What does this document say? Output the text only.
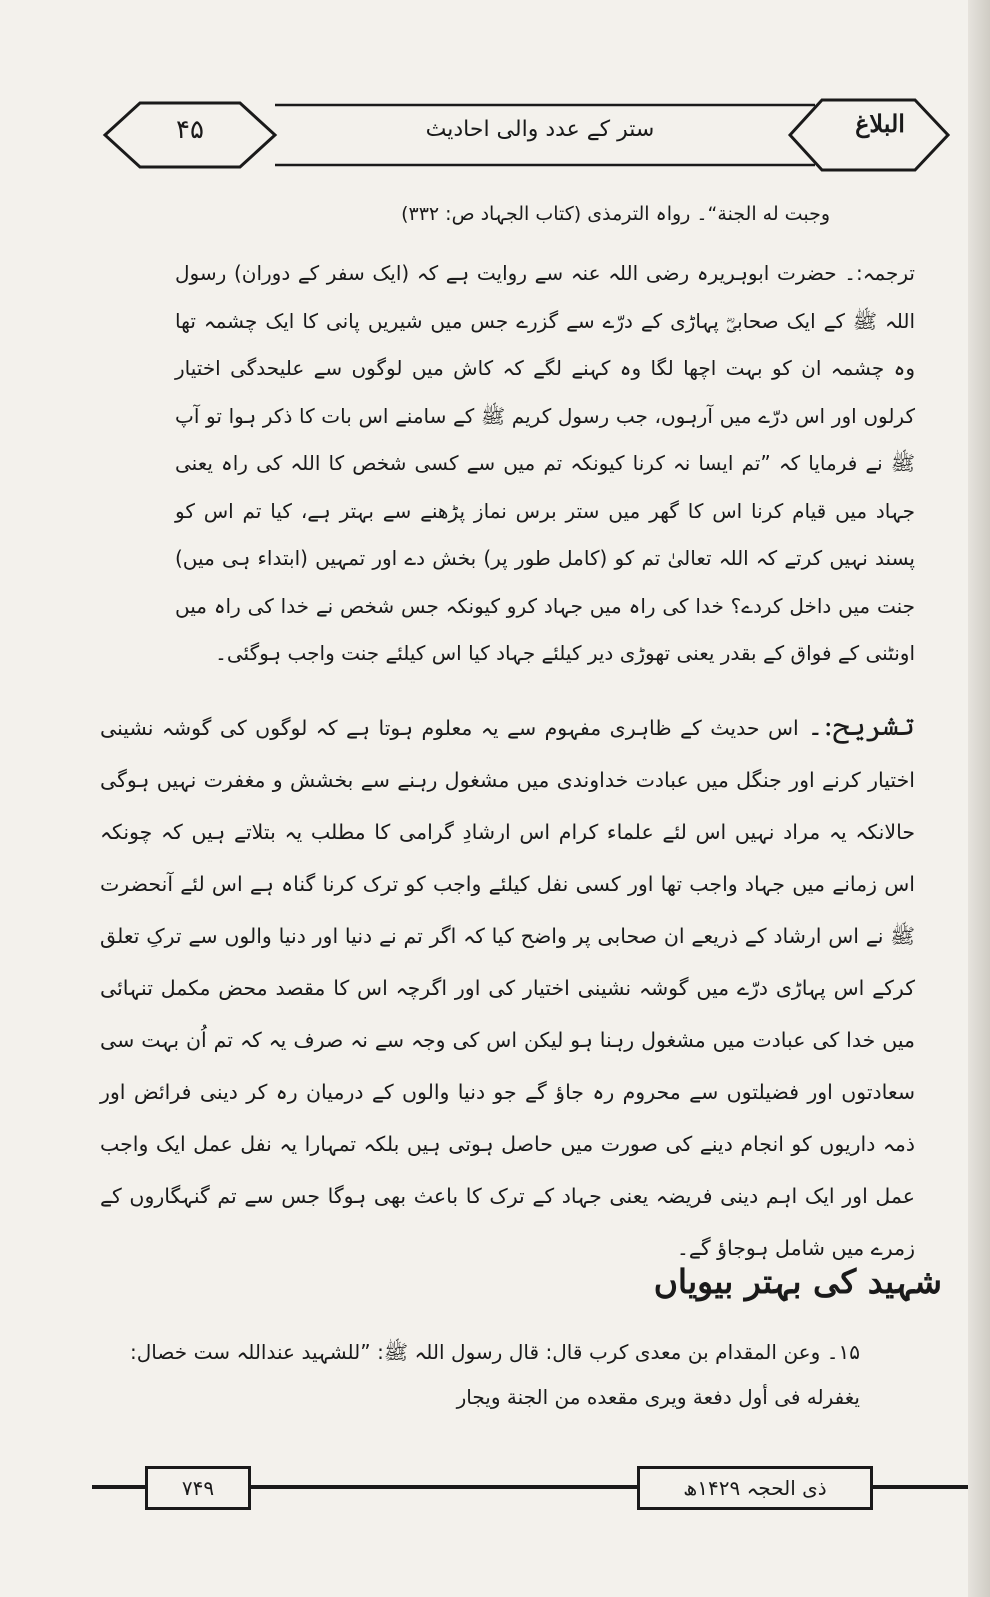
۴۵	ستر کے عدد والی احادیث	البلاغ
وجبت له الجنة“۔ رواہ الترمذی (کتاب الجہاد ص: ۳۳۲)
ترجمہ:۔ حضرت ابوہریرہ رضی اللہ عنہ سے روایت ہے کہ (ایک سفر کے دوران) رسول اللہ ﷺ کے ایک صحابیؓ پہاڑی کے درّے سے گزرے جس میں شیریں پانی کا ایک چشمہ تھا وہ چشمہ ان کو بہت اچھا لگا وہ کہنے لگے کہ کاش میں لوگوں سے علیحدگی اختیار کرلوں اور اس درّے میں آرہوں، جب رسول کریم ﷺ کے سامنے اس بات کا ذکر ہوا تو آپ ﷺ نے فرمایا کہ ”تم ایسا نہ کرنا کیونکہ تم میں سے کسی شخص کا اللہ کی راہ یعنی جہاد میں قیام کرنا اس کا گھر میں ستر برس نماز پڑھنے سے بہتر ہے، کیا تم اس کو پسند نہیں کرتے کہ اللہ تعالیٰ تم کو (کامل طور پر) بخش دے اور تمہیں (ابتداء ہی میں) جنت میں داخل کردے؟ خدا کی راہ میں جہاد کرو کیونکہ جس شخص نے خدا کی راہ میں اونٹنی کے فواق کے بقدر یعنی تھوڑی دیر کیلئے جہاد کیا اس کیلئے جنت واجب ہوگئی۔
تشریح:۔ اس حدیث کے ظاہری مفہوم سے یہ معلوم ہوتا ہے کہ لوگوں کی گوشہ نشینی اختیار کرنے اور جنگل میں عبادت خداوندی میں مشغول رہنے سے بخشش و مغفرت نہیں ہوگی حالانکہ یہ مراد نہیں اس لئے علماء کرام اس ارشادِ گرامی کا مطلب یہ بتلاتے ہیں کہ چونکہ اس زمانے میں جہاد واجب تھا اور کسی نفل کیلئے واجب کو ترک کرنا گناہ ہے اس لئے آنحضرت ﷺ نے اس ارشاد کے ذریعے ان صحابی پر واضح کیا کہ اگر تم نے دنیا اور دنیا والوں سے ترکِ تعلق کرکے اس پہاڑی درّے میں گوشہ نشینی اختیار کی اور اگرچہ اس کا مقصد محض مکمل تنہائی میں خدا کی عبادت میں مشغول رہنا ہو لیکن اس کی وجہ سے نہ صرف یہ کہ تم اُن بہت سی سعادتوں اور فضیلتوں سے محروم رہ جاؤ گے جو دنیا والوں کے درمیان رہ کر دینی فرائض اور ذمہ داریوں کو انجام دینے کی صورت میں حاصل ہوتی ہیں بلکہ تمہارا یہ نفل عمل ایک واجب عمل اور ایک اہم دینی فریضہ یعنی جہاد کے ترک کا باعث بھی ہوگا جس سے تم گنہگاروں کے زمرے میں شامل ہوجاؤ گے۔
شہید کی بہتر بیویاں
۱۵۔ وعن المقدام بن معدی کرب قال: قال رسول اللہ ﷺ: ”للشہید عنداللہ ست خصال: یغفرله فی أول دفعة ویری مقعده من الجنة ویجار
۷۴۹	ذی الحجہ ۱۴۲۹ھ
